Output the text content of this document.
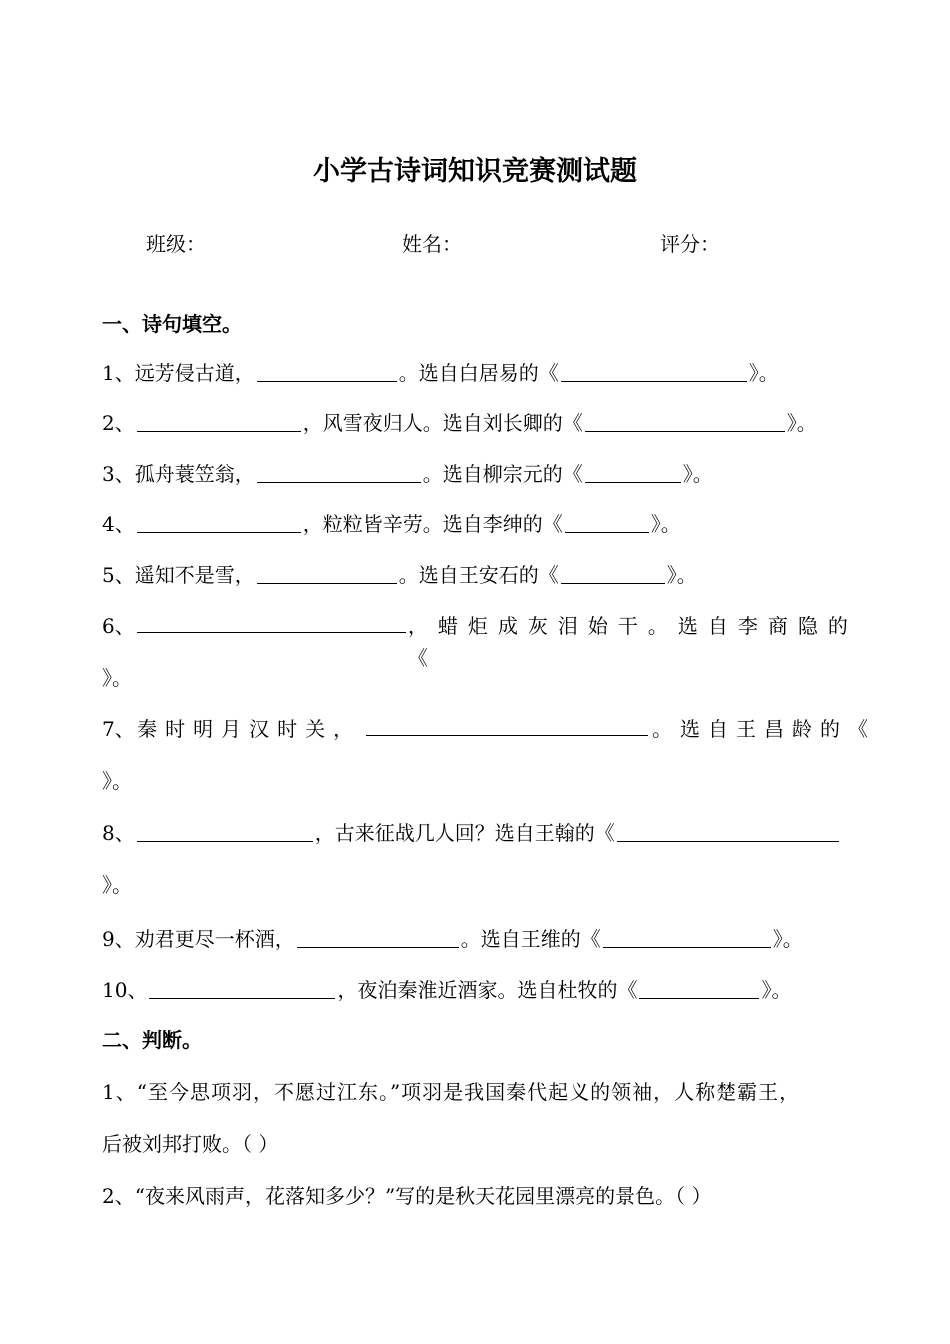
小学古诗词知识竞赛测试题
班级：	姓名：	评分：
一、诗句填空。
1、远芳侵古道，	。选自白居易的《	》。
2、	，风雪夜归人。选自刘长卿的《	》。
3、孤舟蓑笠翁，	。选自柳宗元的《	》。
4、	，粒粒皆辛劳。选自李绅的《	》。
5、遥知不是雪，	。选自王安石的《	》。
6、	，蜡炬成灰泪始干。选自李商隐的《
》。
7、 秦时明月汉时关，	。选自王昌龄的《
》。
8、	，古来征战几人回？选自王翰的《
》。
9、劝君更尽一杯酒，	。选自王维的《	》。
10、	，夜泊秦淮近酒家。选自杜牧的《	》。
二、判断。
1、“至今思项羽，不愿过江东。”项羽是我国秦代起义的领袖，人称楚霸王，
后被刘邦打败。（ ）
2、“夜来风雨声，花落知多少？”写的是秋天花园里漂亮的景色。（ ）
